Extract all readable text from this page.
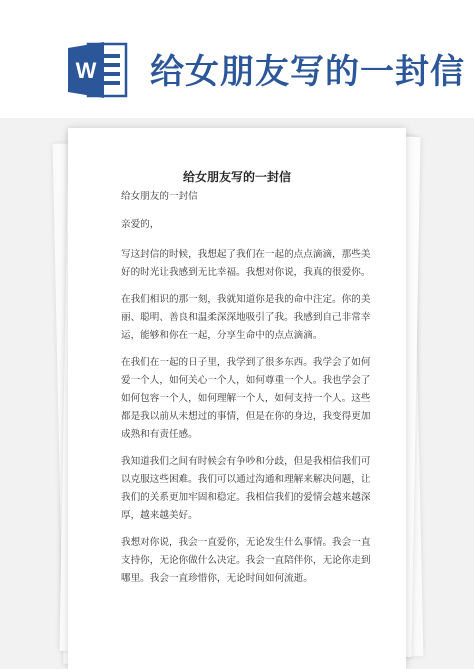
W 给女朋友写的一封信
给女朋友写的一封信

给女朋友的一封信

亲爱的，

写这封信的时候，我想起了我们在一起的点点滴滴，那些美好的时光让我感到无比幸福。我想对你说，我真的很爱你。

在我们相识的那一刻，我就知道你是我的命中注定。你的美丽、聪明、善良和温柔深深地吸引了我。我感到自己非常幸运，能够和你在一起，分享生命中的点点滴滴。

在我们在一起的日子里，我学到了很多东西。我学会了如何爱一个人，如何关心一个人，如何尊重一个人。我也学会了如何包容一个人，如何理解一个人，如何支持一个人。这些都是我以前从未想过的事情，但是在你的身边，我变得更加成熟和有责任感。

我知道我们之间有时候会有争吵和分歧，但是我相信我们可以克服这些困难。我们可以通过沟通和理解来解决问题，让我们的关系更加牢固和稳定。我相信我们的爱情会越来越深厚，越来越美好。

我想对你说，我会一直爱你，无论发生什么事情。我会一直支持你，无论你做什么决定。我会一直陪伴你，无论你走到哪里。我会一直珍惜你，无论时间如何流逝。
